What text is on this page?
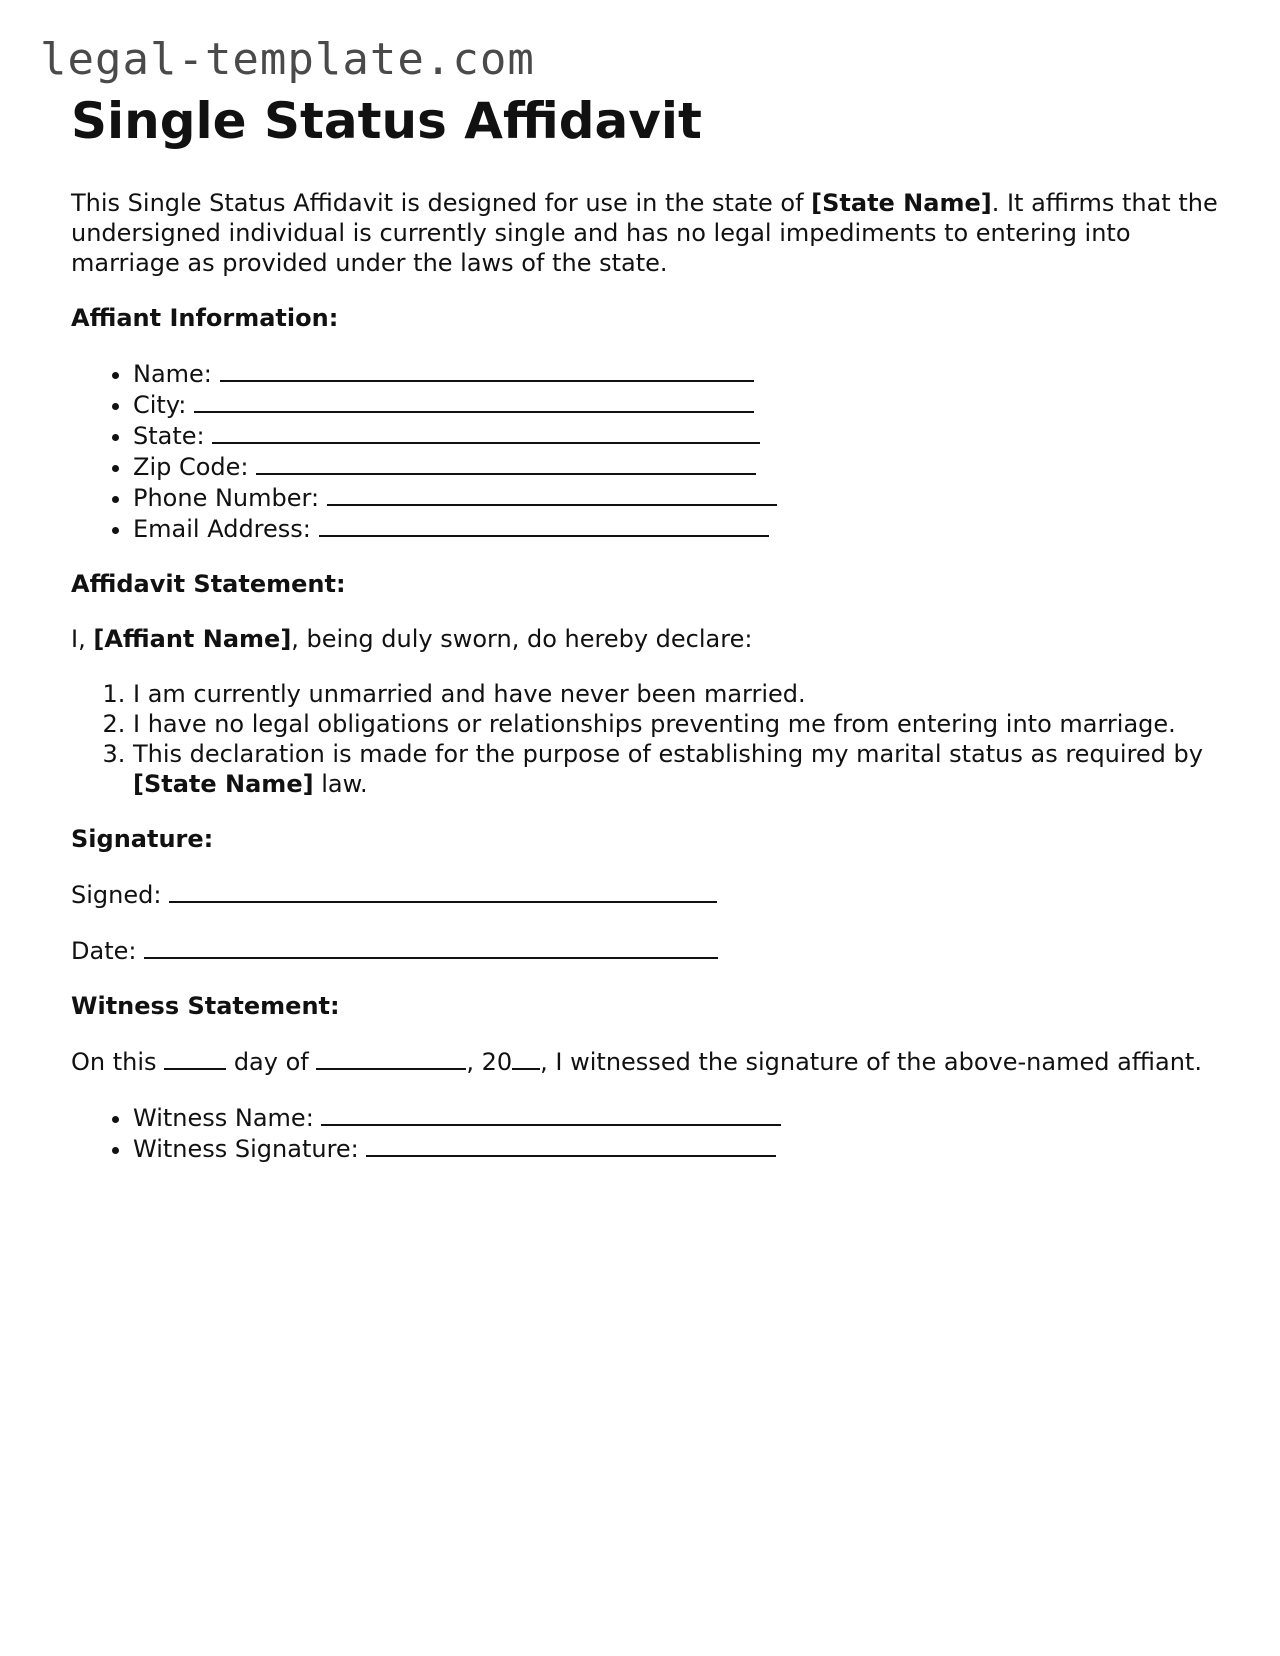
legal-template.com
Single Status Affidavit

This Single Status Affidavit is designed for use in the state of [State Name]. It affirms that the undersigned individual is currently single and has no legal impediments to entering into marriage as provided under the laws of the state.

Affiant Information:

• Name:
• City:
• State:
• Zip Code:
• Phone Number:
• Email Address:

Affidavit Statement:

I, [Affiant Name], being duly sworn, do hereby declare:

1. I am currently unmarried and have never been married.
2. I have no legal obligations or relationships preventing me from entering into marriage.
3. This declaration is made for the purpose of establishing my marital status as required by [State Name] law.

Signature:

Signed:

Date:

Witness Statement:

On this	day of	, 20 , I witnessed the signature of the above-named affiant.

• Witness Name:
• Witness Signature:
